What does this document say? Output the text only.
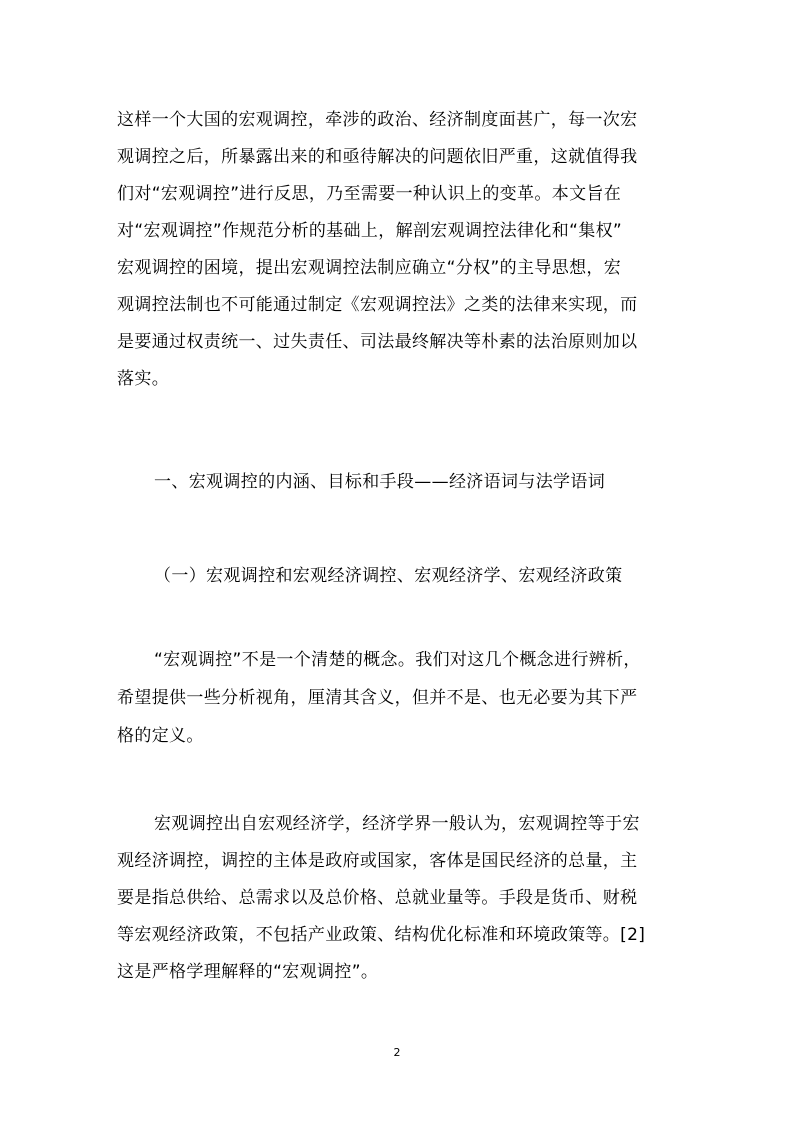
这样一个大国的宏观调控，牵涉的政治、经济制度面甚广，每一次宏
观调控之后，所暴露出来的和亟待解决的问题依旧严重，这就值得我
们对“宏观调控”进行反思，乃至需要一种认识上的变革。本文旨在
对“宏观调控”作规范分析的基础上，解剖宏观调控法律化和“集权”
宏观调控的困境，提出宏观调控法制应确立“分权”的主导思想，宏
观调控法制也不可能通过制定《宏观调控法》之类的法律来实现，而
是要通过权责统一、过失责任、司法最终解决等朴素的法治原则加以
落实。
一、宏观调控的内涵、目标和手段——经济语词与法学语词
（一）宏观调控和宏观经济调控、宏观经济学、宏观经济政策
“宏观调控”不是一个清楚的概念。我们对这几个概念进行辨析，
希望提供一些分析视角，厘清其含义，但并不是、也无必要为其下严
格的定义。
宏观调控出自宏观经济学，经济学界一般认为，宏观调控等于宏
观经济调控，调控的主体是政府或国家，客体是国民经济的总量，主
要是指总供给、总需求以及总价格、总就业量等。手段是货币、财税
等宏观经济政策，不包括产业政策、结构优化标准和环境政策等。[2]
这是严格学理解释的“宏观调控”。
2
